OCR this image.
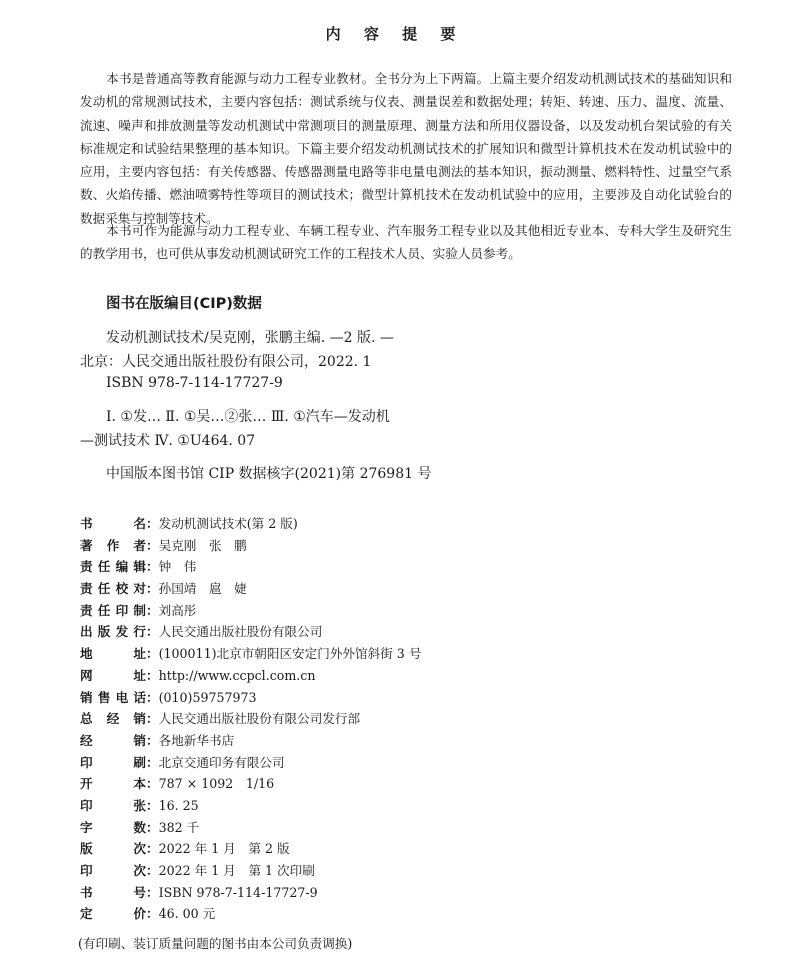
内 容 提 要

本书是普通高等教育能源与动力工程专业教材。全书分为上下两篇。上篇主要介绍发动机测试技术的基础知识和发动机的常规测试技术，主要内容包括：测试系统与仪表、测量误差和数据处理；转矩、转速、压力、温度、流量、流速、噪声和排放测量等发动机测试中常测项目的测量原理、测量方法和所用仪器设备，以及发动机台架试验的有关标准规定和试验结果整理的基本知识。下篇主要介绍发动机测试技术的扩展知识和微型计算机技术在发动机试验中的应用，主要内容包括：有关传感器、传感器测量电路等非电量电测法的基本知识，振动测量、燃料特性、过量空气系数、火焰传播、燃油喷雾特性等项目的测试技术；微型计算机技术在发动机试验中的应用，主要涉及自动化试验台的数据采集与控制等技术。

本书可作为能源与动力工程专业、车辆工程专业、汽车服务工程专业以及其他相近专业本、专科大学生及研究生的教学用书，也可供从事发动机测试研究工作的工程技术人员、实验人员参考。

图书在版编目(CIP)数据
发动机测试技术/吴克刚，张鹏主编. —2 版. —
北京：人民交通出版社股份有限公司，2022. 1
ISBN 978-7-114-17727-9
Ⅰ. ①发… Ⅱ. ①吴…②张… Ⅲ. ①汽车—发动机
—测试技术 Ⅳ. ①U464. 07
中国版本图书馆 CIP 数据核字(2021)第 276981 号
书名：发动机测试技术(第 2 版)
著作者：吴克刚　张　鹏
责任编辑：钟　伟
责任校对：孙国靖　扈　婕
责任印制：刘高彤
出版发行：人民交通出版社股份有限公司
地址：(100011)北京市朝阳区安定门外外馆斜街 3 号
网址：http://www.ccpcl.com.cn
销售电话：(010)59757973
总经销：人民交通出版社股份有限公司发行部
经销：各地新华书店
印刷：北京交通印务有限公司
开本：787 × 1092　1/16
印张：16. 25
字数：382 千
版次：2022 年 1 月　第 2 版
印次：2022 年 1 月　第 1 次印刷
书号：ISBN 978-7-114-17727-9
定价：46. 00 元
(有印刷、装订质量问题的图书由本公司负责调换)
